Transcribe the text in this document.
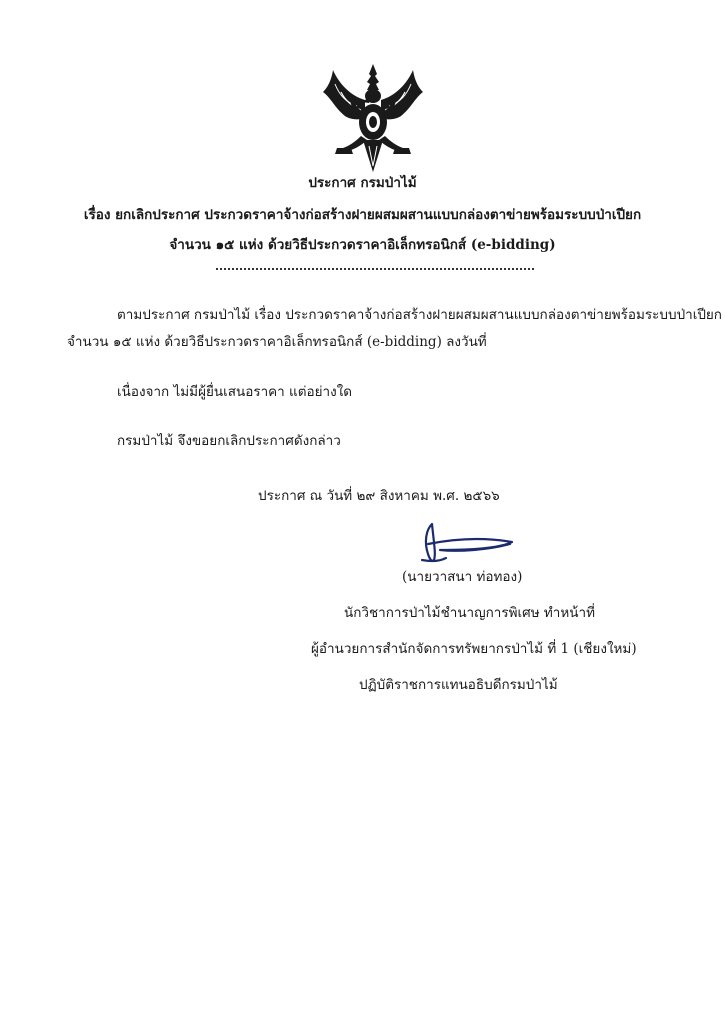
ประกาศ กรมป่าไม้
เรื่อง ยกเลิกประกาศ ประกวดราคาจ้างก่อสร้างฝายผสมผสานแบบกล่องตาข่ายพร้อมระบบป่าเปียก
จำนวน ๑๕ แห่ง ด้วยวิธีประกวดราคาอิเล็กทรอนิกส์ (e-bidding)
ตามประกาศ กรมป่าไม้ เรื่อง ประกวดราคาจ้างก่อสร้างฝายผสมผสานแบบกล่องตาข่ายพร้อมระบบป่าเปียก
จำนวน ๑๕ แห่ง ด้วยวิธีประกวดราคาอิเล็กทรอนิกส์ (e-bidding) ลงวันที่
เนื่องจาก ไม่มีผู้ยื่นเสนอราคา แต่อย่างใด
กรมป่าไม้ จึงขอยกเลิกประกาศดังกล่าว
ประกาศ ณ วันที่ ๒๙ สิงหาคม พ.ศ. ๒๕๖๖
(นายวาสนา ท่อทอง)
นักวิชาการป่าไม้ชำนาญการพิเศษ ทำหน้าที่
ผู้อำนวยการสำนักจัดการทรัพยากรป่าไม้ ที่ 1 (เชียงใหม่)
ปฏิบัติราชการแทนอธิบดีกรมป่าไม้
